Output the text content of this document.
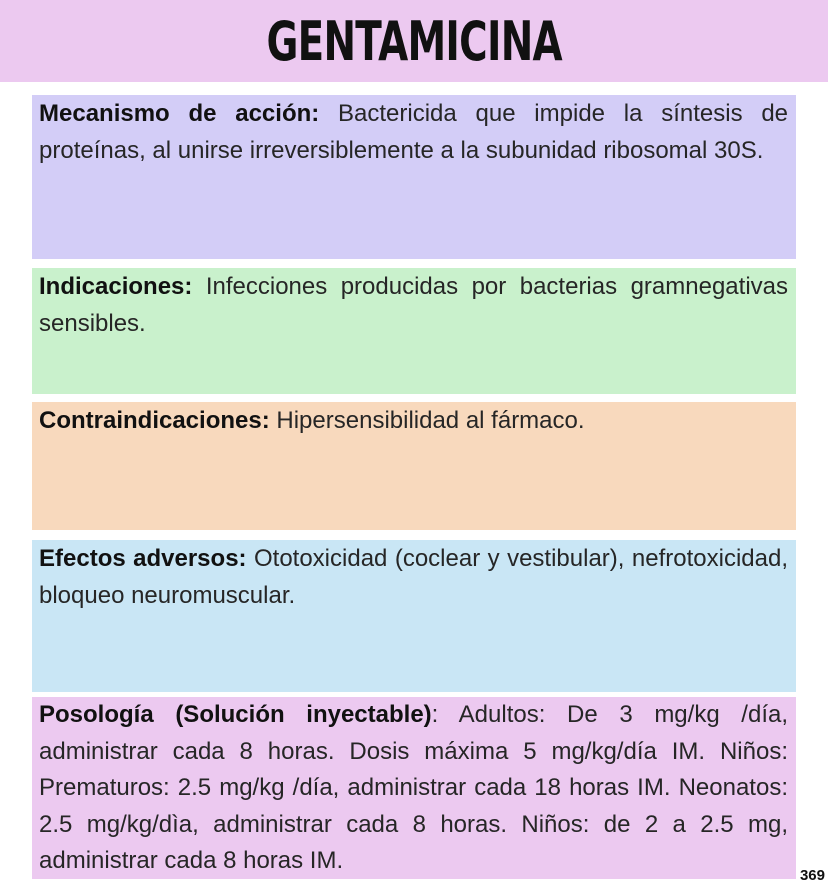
GENTAMICINA

Mecanismo de acción: Bactericida que impide la síntesis de proteínas, al unirse irreversiblemente a la subunidad ribosomal 30S.

Indicaciones: Infecciones producidas por bacterias gramnegativas sensibles.

Contraindicaciones: Hipersensibilidad al fármaco.

Efectos adversos: Ototoxicidad (coclear y vestibular), nefrotoxicidad, bloqueo neuromuscular.

Posología (Solución inyectable): Adultos: De 3 mg/kg /día, administrar cada 8 horas. Dosis máxima 5 mg/kg/día IM. Niños: Prematuros: 2.5 mg/kg /día, administrar cada 18 horas IM. Neonatos: 2.5 mg/kg/dìa, administrar cada 8 horas. Niños: de 2 a 2.5 mg, administrar cada 8 horas IM.

369
